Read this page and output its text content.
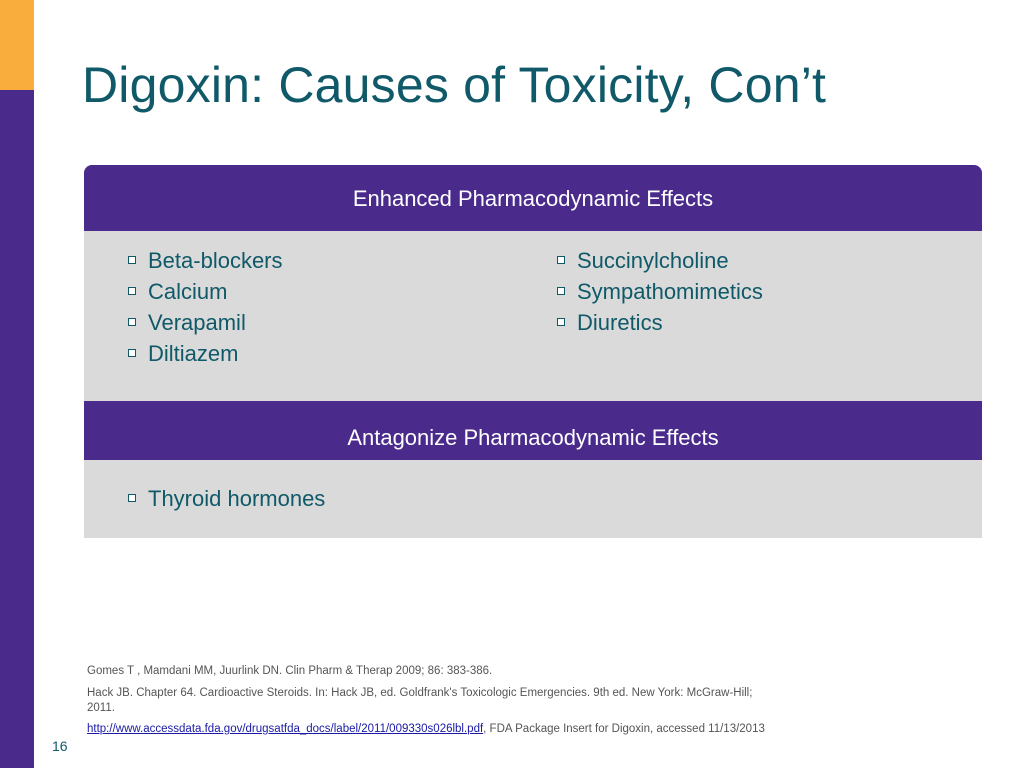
Digoxin: Causes of Toxicity, Con’t
Enhanced Pharmacodynamic Effects
Beta-blockers
Calcium
Verapamil
Diltiazem
Succinylcholine
Sympathomimetics
Diuretics
Antagonize Pharmacodynamic Effects
Thyroid hormones
Gomes T , Mamdani MM, Juurlink DN. Clin Pharm & Therap 2009; 86: 383-386.
Hack JB. Chapter 64. Cardioactive Steroids. In: Hack JB, ed. Goldfrank's Toxicologic Emergencies. 9th ed. New York: McGraw-Hill; 2011.
http://www.accessdata.fda.gov/drugsatfda_docs/label/2011/009330s026lbl.pdf, FDA Package Insert for Digoxin, accessed 11/13/2013
16
